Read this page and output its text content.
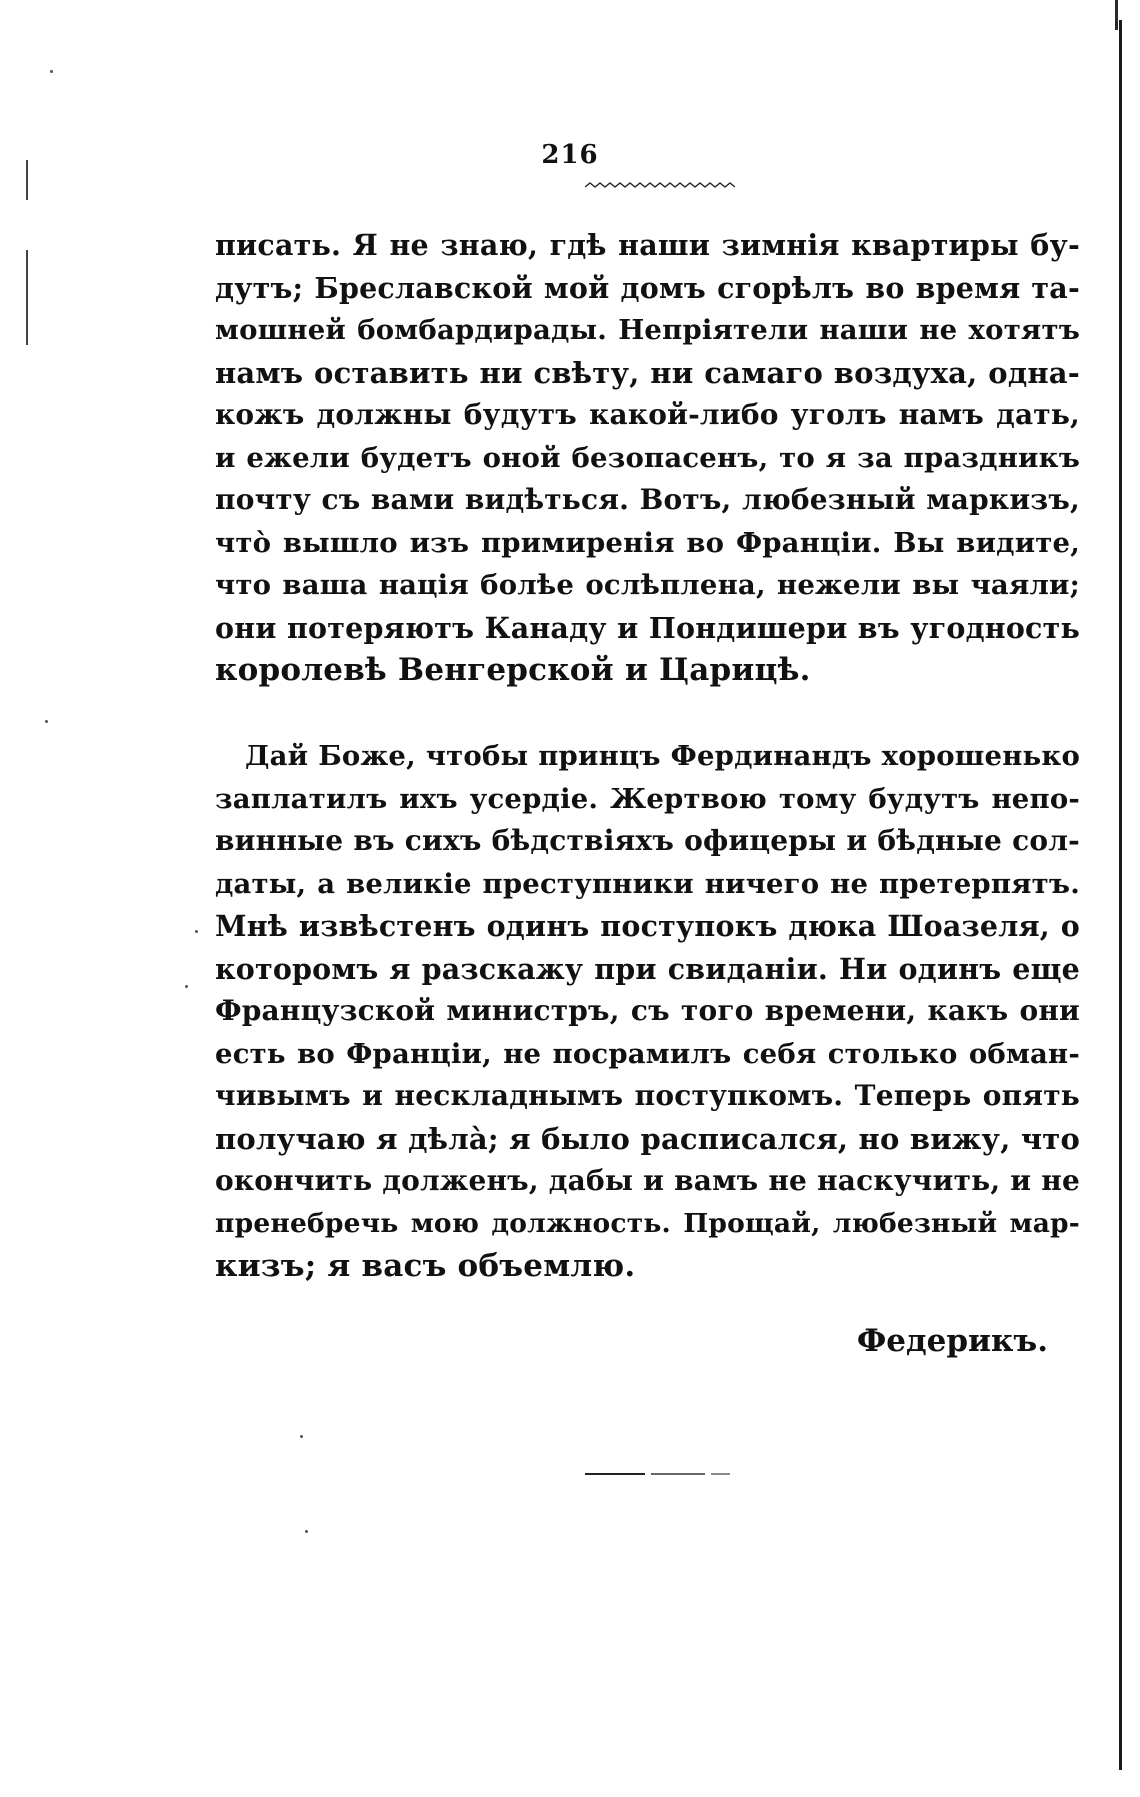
216
писать. Я не знаю, гдѣ наши зимнія квартиры бу-
дутъ; Бреславской мой домъ сгорѣлъ во время та-
мошней бомбардирады. Непріятели наши не хотятъ
намъ оставить ни свѣту, ни самаго воздуха, одна-
кожъ должны будутъ какой-либо уголъ намъ дать,
и ежели будетъ оной безопасенъ, то я за праздникъ
почту съ вами видѣться. Вотъ, любезный маркизъ,
чтò вышло изъ примиренія во Франціи. Вы видите,
что ваша нація болѣе ослѣплена, нежели вы чаяли;
они потеряютъ Канаду и Пондишери въ угодность
королевѣ Венгерской и Царицѣ.
Дай Боже, чтобы принцъ Фердинандъ хорошенько
заплатилъ ихъ усердіе. Жертвою тому будутъ непо-
винные въ сихъ бѣдствіяхъ офицеры и бѣдные сол-
даты, а великіе преступники ничего не претерпятъ.
Мнѣ извѣстенъ одинъ поступокъ дюка Шоазеля, о
которомъ я разскажу при свиданіи. Ни одинъ еще
Французской министръ, съ того времени, какъ они
есть во Франціи, не посрамилъ себя столько обман-
чивымъ и нескладнымъ поступкомъ. Теперь опять
получаю я дѣлà; я было расписался, но вижу, что
окончить долженъ, дабы и вамъ не наскучить, и не
пренебречь мою должность. Прощай, любезный мар-
кизъ; я васъ объемлю.
Федерикъ.
